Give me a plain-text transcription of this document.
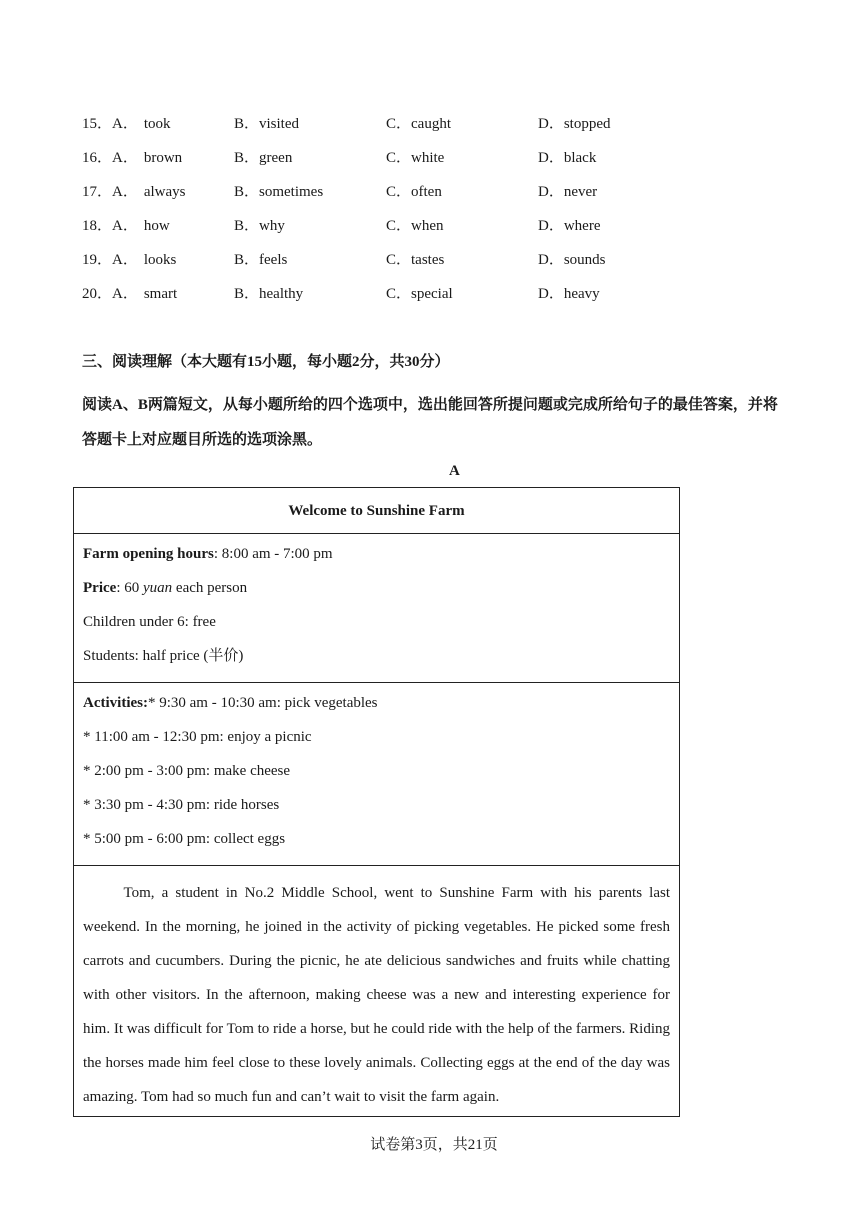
15．A． took	B．visited	C．caught	D．stopped
16．A． brown	B．green	C．white	D．black
17．A． always	B．sometimes	C．often	D．never
18．A． how	B．why	C．when	D．where
19．A． looks	B．feels	C．tastes	D．sounds
20．A． smart	B．healthy	C．special	D．heavy
三、阅读理解（本大题有15小题，每小题2分，共30分）
阅读A、B两篇短文，从每小题所给的四个选项中，选出能回答所提问题或完成所给句子的最佳答案，并将答题卡上对应题目所选的选项涂黑。
A
Welcome to Sunshine Farm
Farm opening hours: 8:00 am - 7:00 pm
Price: 60 yuan each person
Children under 6: free
Students: half price (半价)
Activities:* 9:30 am - 10:30 am: pick vegetables
* 11:00 am - 12:30 pm: enjoy a picnic
* 2:00 pm - 3:00 pm: make cheese
* 3:30 pm - 4:30 pm: ride horses
* 5:00 pm - 6:00 pm: collect eggs

Tom, a student in No.2 Middle School, went to Sunshine Farm with his parents last weekend. In the morning, he joined in the activity of picking vegetables. He picked some fresh carrots and cucumbers. During the picnic, he ate delicious sandwiches and fruits while chatting with other visitors. In the afternoon, making cheese was a new and interesting experience for him. It was difficult for Tom to ride a horse, but he could ride with the help of the farmers. Riding the horses made him feel close to these lovely animals. Collecting eggs at the end of the day was amazing. Tom had so much fun and can’t wait to visit the farm again.

试卷第3页，共21页
